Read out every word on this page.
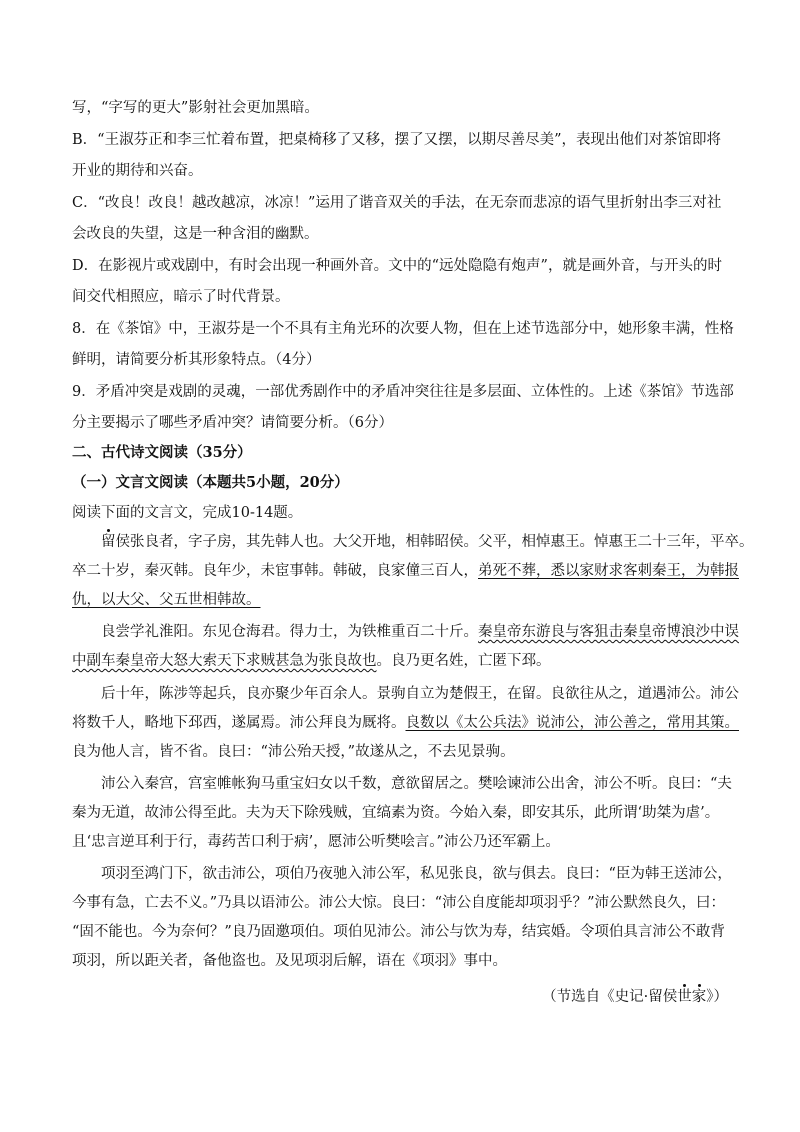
写，“字写的更大”影射社会更加黑暗。
B．“王淑芬正和李三忙着布置，把桌椅移了又移，摆了又摆，以期尽善尽美”，表现出他们对茶馆即将
开业的期待和兴奋。
C．“改良！改良！越改越凉，冰凉！”运用了谐音双关的手法，在无奈而悲凉的语气里折射出李三对社
会改良的失望，这是一种含泪的幽默。
D．在影视片或戏剧中，有时会出现一种画外音。文中的“远处隐隐有炮声”，就是画外音，与开头的时
间交代相照应，暗示了时代背景。
8．在《茶馆》中，王淑芬是一个不具有主角光环的次要人物，但在上述节选部分中，她形象丰满，性格
鲜明，请简要分析其形象特点。（4分）
9．矛盾冲突是戏剧的灵魂，一部优秀剧作中的矛盾冲突往往是多层面、立体性的。上述《茶馆》节选部
分主要揭示了哪些矛盾冲突？请简要分析。（6分）
二、古代诗文阅读（35分）
（一）文言文阅读（本题共5小题，20分）
阅读下面的文言文，完成10-14题。
留侯张良者，字子房，其先韩人也。大父开地，相韩昭侯。父平，相悼惠王。悼惠王二十三年，平卒。
卒二十岁，秦灭韩。良年少，未宦事韩。韩破，良家僮三百人，弟死不葬，悉以家财求客刺秦王，为韩报
仇，以大父、父五世相韩故。
良尝学礼淮阳。东见仓海君。得力士，为铁椎重百二十斤。秦皇帝东游良与客狙击秦皇帝博浪沙中误
中副车秦皇帝大怒大索天下求贼甚急为张良故也。良乃更名姓，亡匿下邳。
后十年，陈涉等起兵，良亦聚少年百余人。景驹自立为楚假王，在留。良欲往从之，道遇沛公。沛公
将数千人，略地下邳西，遂属焉。沛公拜良为厩将。良数以《太公兵法》说沛公，沛公善之，常用其策。
良为他人言，皆不省。良曰：“沛公殆天授，”故遂从之，不去见景驹。
沛公入秦宫，宫室帷帐狗马重宝妇女以千数，意欲留居之。樊哙谏沛公出舍，沛公不听。良曰：“夫
秦为无道，故沛公得至此。夫为天下除残贼，宜缟素为资。今始入秦，即安其乐，此所谓‘助桀为虐’。
且‘忠言逆耳利于行，毒药苦口利于病’，愿沛公听樊哙言。”沛公乃还军霸上。
项羽至鸿门下，欲击沛公，项伯乃夜驰入沛公军，私见张良，欲与俱去。良曰：“臣为韩王送沛公，
今事有急，亡去不义。”乃具以语沛公。沛公大惊。良曰：“沛公自度能却项羽乎？”沛公默然良久，曰：
“固不能也。今为奈何？”良乃固邀项伯。项伯见沛公。沛公与饮为寿，结宾婚。令项伯具言沛公不敢背
项羽，所以距关者，备他盗也。及见项羽后解，语在《项羽》事中。
（节选自《史记·留侯世家》）
